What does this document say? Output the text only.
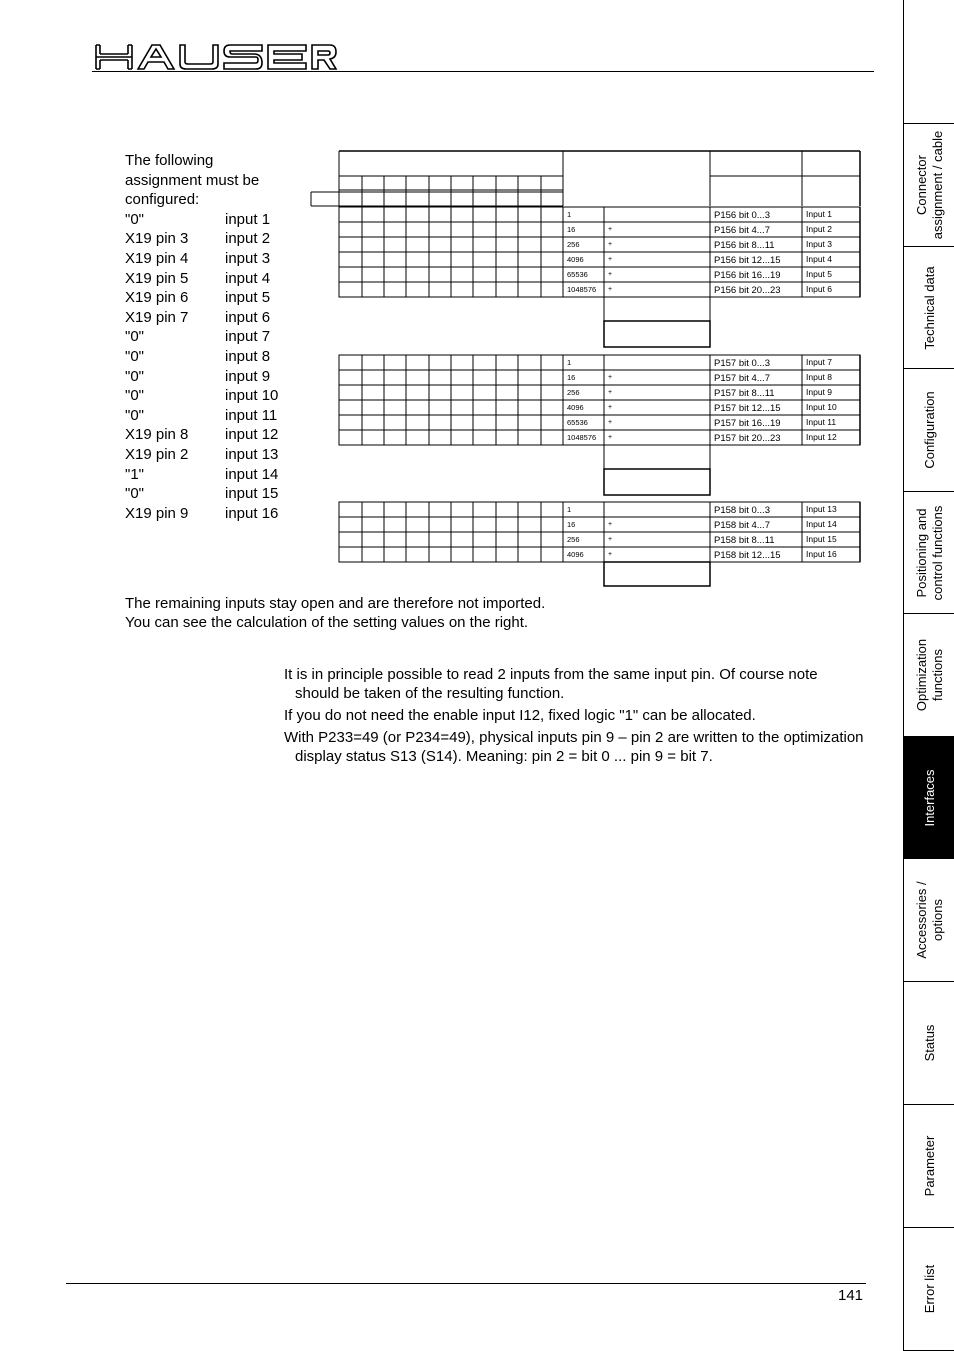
HAUSER
Connector assignment / cable
Technical data
Configuration
Positioning and control functions
Optimization functions
Interfaces
Accessories / options
Status
Parameter
Error list
The following
assignment must be
configured:
"0"	input 1
X19 pin 3	input 2
X19 pin 4	input 3
X19 pin 5	input 4
X19 pin 6	input 5
X19 pin 7	input 6
"0"	input 7
"0"	input 8
"0"	input 9
"0"	input 10
"0"	input 11
X19 pin 8	input 12
X19 pin 2	input 13
"1"	input 14
"0"	input 15
X19 pin 9	input 16
The remaining inputs stay open and are therefore not imported.
You can see the calculation of the setting values on the right.

It is in principle possible to read 2 inputs from the same input pin. Of course note should be taken of the resulting function.

If you do not need the enable input I12, fixed logic "1" can be allocated.

With P233=49 (or P234=49), physical inputs pin 9 – pin 2 are written to the optimization display status S13 (S14). Meaning: pin 2 = bit 0 ... pin 9 = bit 7.

1	P156 bit 0...3	Input 1
16	+	P156 bit 4...7	Input 2
256	+	P156 bit 8...11	Input 3
4096	+	P156 bit 12...15	Input 4
65536	+	P156 bit 16...19	Input 5
1048576 +	P156 bit 20...23	Input 6
1	P157 bit 0...3	Input 7
16	+	P157 bit 4...7	Input 8
256	+	P157 bit 8...11	Input 9
4096	+	P157 bit 12...15	Input 10
65536	+	P157 bit 16...19	Input 11
1048576 +	P157 bit 20...23	Input 12
1	P158 bit 0...3	Input 13
16	+	P158 bit 4...7	Input 14
256	+	P158 bit 8...11	Input 15
4096	+	P158 bit 12...15	Input 16
141
